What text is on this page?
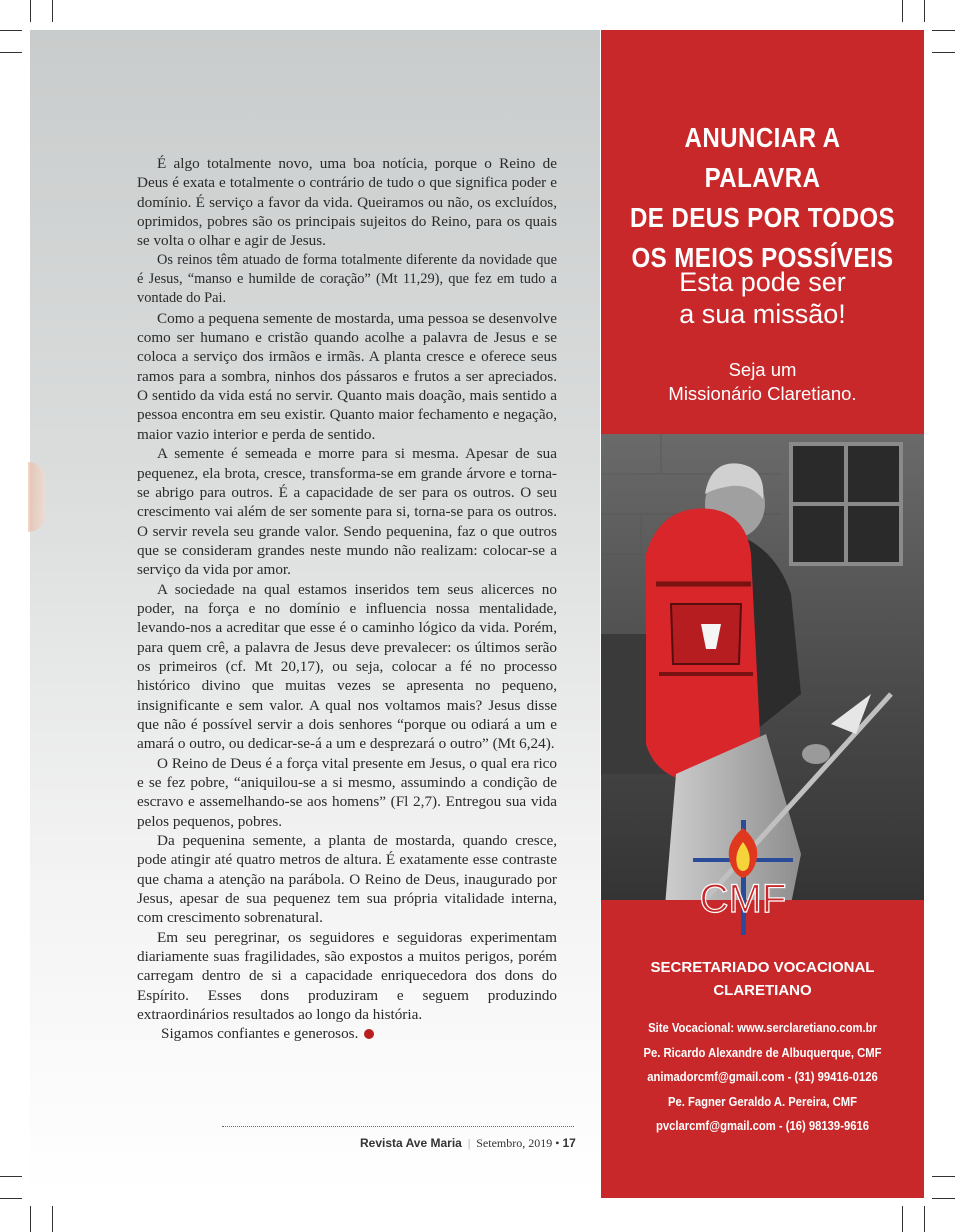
É algo totalmente novo, uma boa notícia, porque o Reino de Deus é exata e totalmente o contrário de tudo o que significa poder e domínio. É serviço a favor da vida. Queiramos ou não, os excluídos, oprimidos, pobres são os principais sujeitos do Reino, para os quais se volta o olhar e agir de Jesus.

Os reinos têm atuado de forma totalmente diferente da novidade que é Jesus, “manso e humilde de coração” (Mt 11,29), que fez em tudo a vontade do Pai.

Como a pequena semente de mostarda, uma pessoa se desenvolve como ser humano e cristão quando acolhe a palavra de Jesus e se coloca a serviço dos irmãos e irmãs. A planta cresce e oferece seus ramos para a sombra, ninhos dos pássaros e frutos a ser apreciados. O sentido da vida está no servir. Quanto mais doação, mais sentido a pessoa encontra em seu existir. Quanto maior fechamento e negação, maior vazio interior e perda de sentido.

A semente é semeada e morre para si mesma. Apesar de sua pequenez, ela brota, cresce, transforma-se em grande árvore e torna-se abrigo para outros. É a capacidade de ser para os outros. O seu crescimento vai além de ser somente para si, torna-se para os outros. O servir revela seu grande valor. Sendo pequenina, faz o que outros que se consideram grandes neste mundo não realizam: colocar-se a serviço da vida por amor.

A sociedade na qual estamos inseridos tem seus alicerces no poder, na força e no domínio e influencia nossa mentalidade, levando-nos a acreditar que esse é o caminho lógico da vida. Porém, para quem crê, a palavra de Jesus deve prevalecer: os últimos serão os primeiros (cf. Mt 20,17), ou seja, colocar a fé no processo histórico divino que muitas vezes se apresenta no pequeno, insignificante e sem valor. A qual nos voltamos mais? Jesus disse que não é possível servir a dois senhores “porque ou odiará a um e amará o outro, ou dedicar-se-á a um e desprezará o outro” (Mt 6,24).

O Reino de Deus é a força vital presente em Jesus, o qual era rico e se fez pobre, “aniquilou-se a si mesmo, assumindo a condição de escravo e assemelhando-se aos homens” (Fl 2,7). Entregou sua vida pelos pequenos, pobres.

Da pequenina semente, a planta de mostarda, quando cresce, pode atingir até quatro metros de altura. É exatamente esse contraste que chama a atenção na parábola. O Reino de Deus, inaugurado por Jesus, apesar de sua pequenez tem sua própria vitalidade interna, com crescimento sobrenatural.

Em seu peregrinar, os seguidores e seguidoras experimentam diariamente suas fragilidades, são expostos a muitos perigos, porém carregam dentro de si a capacidade enriquecedora dos dons do Espírito. Esses dons produziram e seguem produzindo extraordinários resultados ao longo da história.

Sigamos confiantes e generosos.

Revista Ave Maria | Setembro, 2019 • 17
ANUNCIAR A PALAVRA
DE DEUS POR TODOS
OS MEIOS POSSÍVEIS
Esta pode ser
a sua missão!
Seja um
Missionário Claretiano.
CMF
SECRETARIADO VOCACIONAL
CLARETIANO
Site Vocacional: www.serclaretiano.com.br
Pe. Ricardo Alexandre de Albuquerque, CMF
animadorcmf@gmail.com - (31) 99416-0126
Pe. Fagner Geraldo A. Pereira, CMF
pvclarcmf@gmail.com - (16) 98139-9616
